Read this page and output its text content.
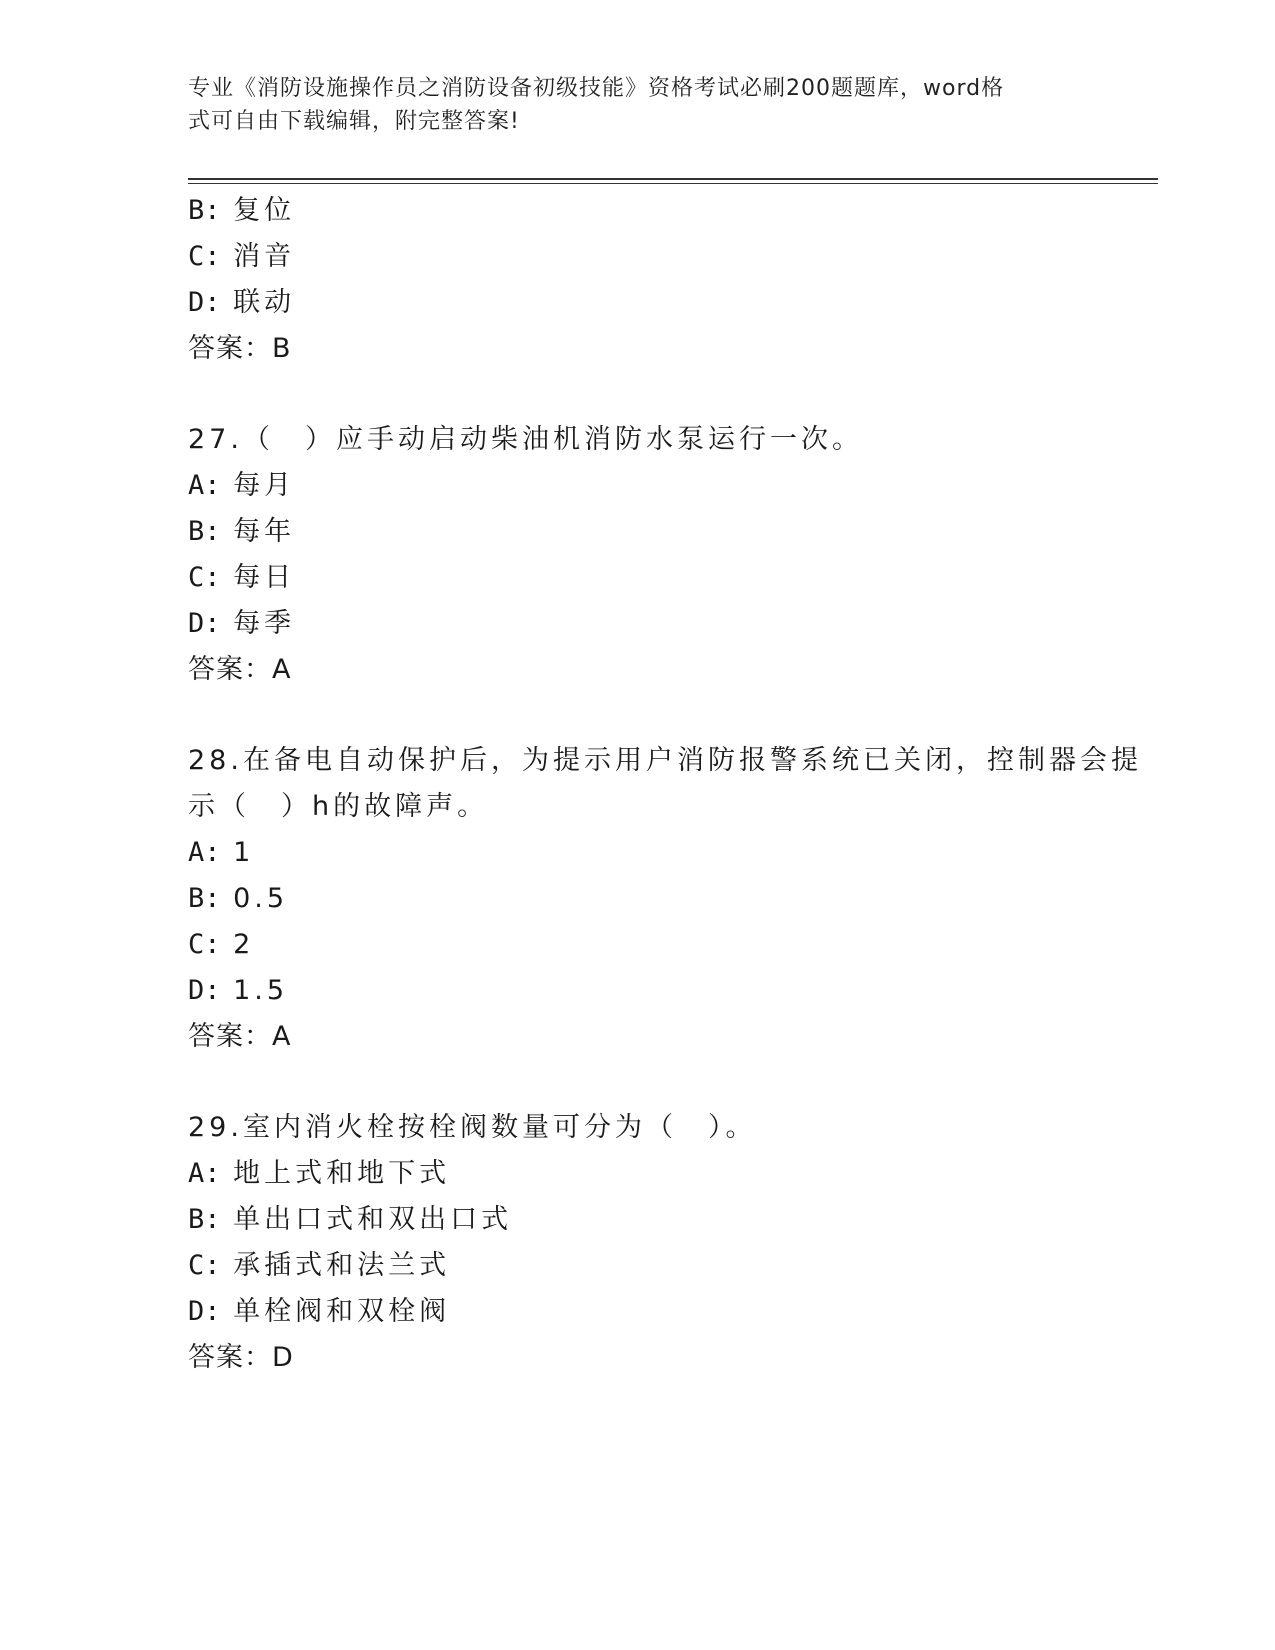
专业《消防设施操作员之消防设备初级技能》资格考试必刷200题题库，word格
式可自由下载编辑，附完整答案!
B: 复位
C: 消音
D: 联动
答案：B
27.（　）应手动启动柴油机消防水泵运行一次。
A: 每月
B: 每年
C: 每日
D: 每季
答案：A
28.在备电自动保护后，为提示用户消防报警系统已关闭，控制器会提
示（　）h的故障声。
A: 1
B: 0.5
C: 2
D: 1.5
答案：A
29.室内消火栓按栓阀数量可分为（　）。
A: 地上式和地下式
B: 单出口式和双出口式
C: 承插式和法兰式
D: 单栓阀和双栓阀
答案：D
